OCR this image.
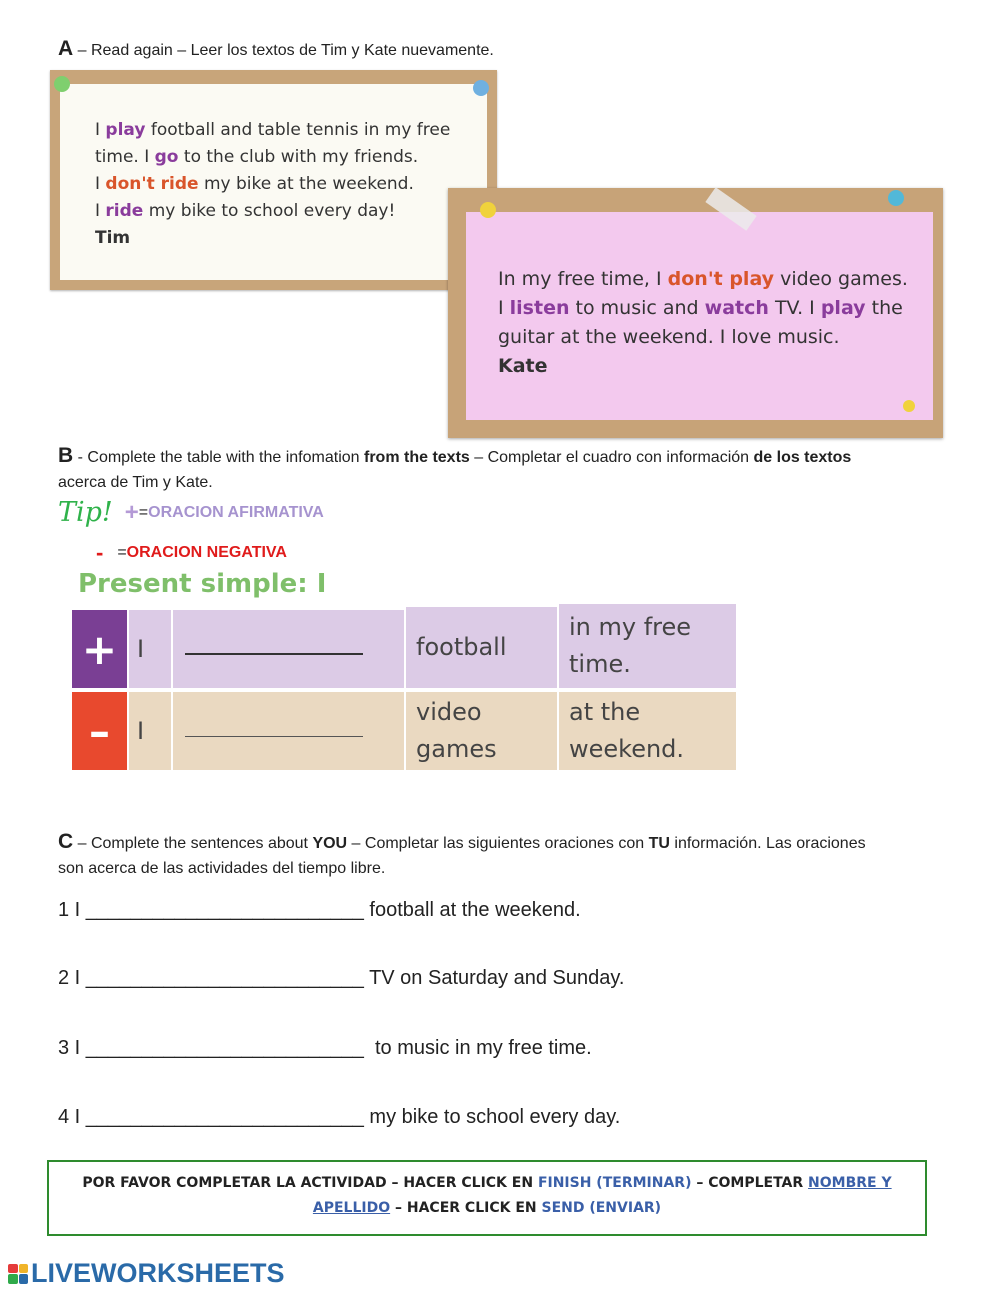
A – Read again – Leer los textos de Tim y Kate nuevamente.
I play football and table tennis in my free
time. I go to the club with my friends.
I don't ride my bike at the weekend.
I ride my bike to school every day!
Tim
In my free time, I don't play video games.
I listen to music and watch TV. I play the
guitar at the weekend. I love music.
Kate
B - Complete the table with the infomation from the texts – Completar el cuadro con información de los textos
acerca de Tim y Kate.
Tip! + = ORACION AFIRMATIVA
- = ORACION NEGATIVA
Present simple: I
+ I	football
in my free
time.
–	I
video
games
at the
weekend.
C – Complete the sentences about YOU – Completar las siguientes oraciones con TU información. Las oraciones
son acerca de las actividades del tiempo libre.
1 I _________________________ football at the weekend.
2 I _________________________ TV on Saturday and Sunday.
3 I _________________________  to music in my free time.
4 I _________________________ my bike to school every day.
POR FAVOR COMPLETAR LA ACTIVIDAD – HACER CLICK EN FINISH (TERMINAR) – COMPLETAR NOMBRE Y
APELLIDO – HACER CLICK EN SEND (ENVIAR)
LIVEWORKSHEETS
